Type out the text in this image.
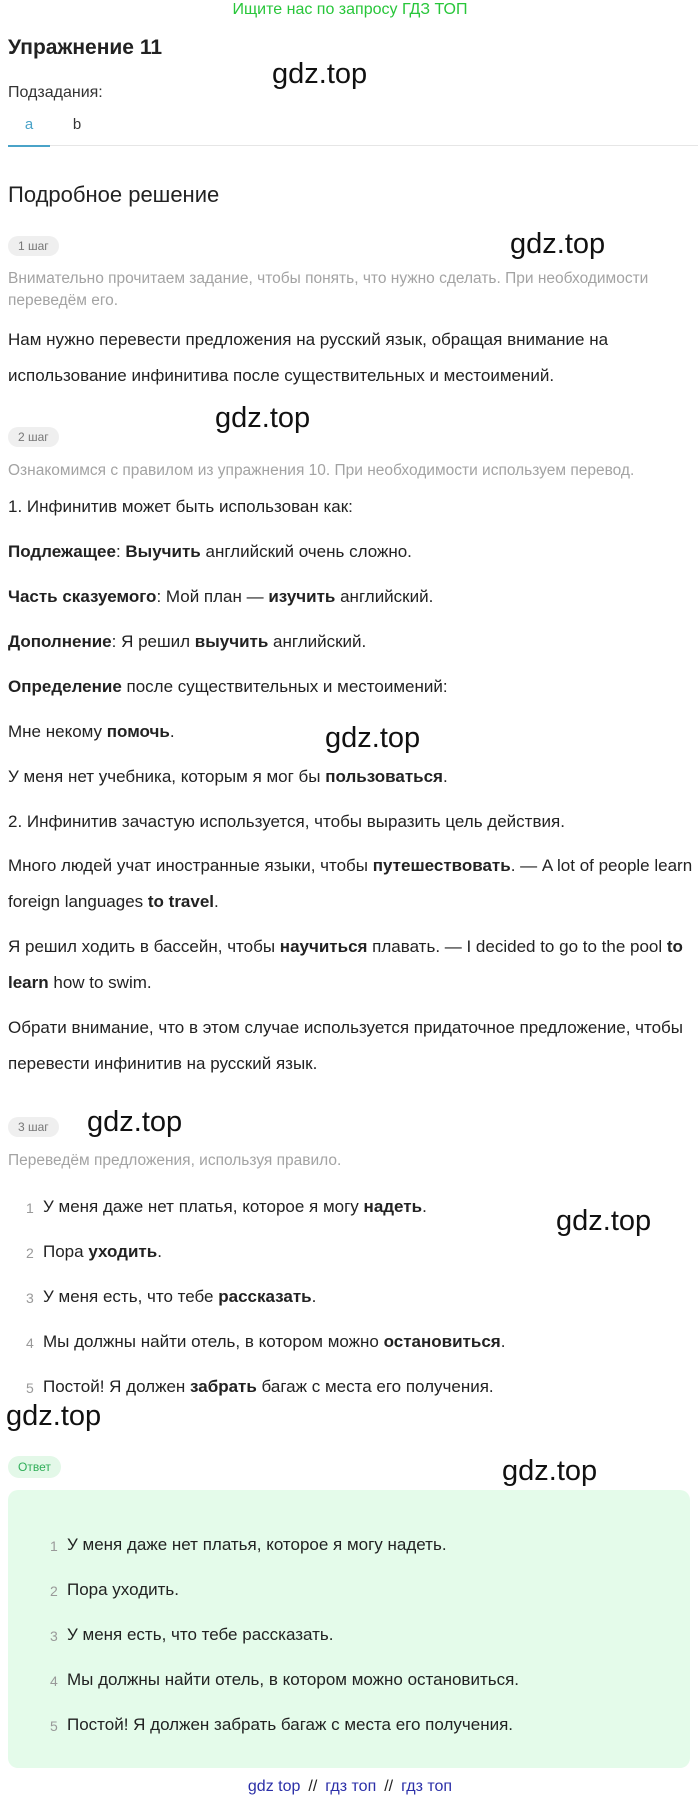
Ищите нас по запросу ГДЗ ТОП
Упражнение 11
Подзадания:
a	b
Подробное решение
gdz.top
gdz.top
gdz.top
gdz.top
gdz.top
gdz.top
gdz.top
gdz.top
1 шаг
Внимательно прочитаем задание, чтобы понять, что нужно сделать. При необходимости переведём его.
Нам нужно перевести предложения на русский язык, обращая внимание на использование инфинитива после существительных и местоимений.
2 шаг
Ознакомимся с правилом из упражнения 10. При необходимости используем перевод.
1. Инфинитив может быть использован как:
Подлежащее: Выучить английский очень сложно.
Часть сказуемого: Мой план — изучить английский.
Дополнение: Я решил выучить английский.
Определение после существительных и местоимений:
Мне некому помочь.
У меня нет учебника, которым я мог бы пользоваться.
2. Инфинитив зачастую используется, чтобы выразить цель действия.
Много людей учат иностранные языки, чтобы путешествовать. — A lot of people learn foreign languages to travel.
Я решил ходить в бассейн, чтобы научиться плавать. — I decided to go to the pool to learn how to swim.
Обрати внимание, что в этом случае используется придаточное предложение, чтобы перевести инфинитив на русский язык.
3 шаг
Переведём предложения, используя правило.
1 У меня даже нет платья, которое я могу надеть.
2 Пора уходить.
3 У меня есть, что тебе рассказать.
4 Мы должны найти отель, в котором можно остановиться.
5 Постой! Я должен забрать багаж с места его получения.
Ответ
1 У меня даже нет платья, которое я могу надеть.
2 Пора уходить.
3 У меня есть, что тебе рассказать.
4 Мы должны найти отель, в котором можно остановиться.
5 Постой! Я должен забрать багаж с места его получения.
gdz top // гдз топ // гдз топ
